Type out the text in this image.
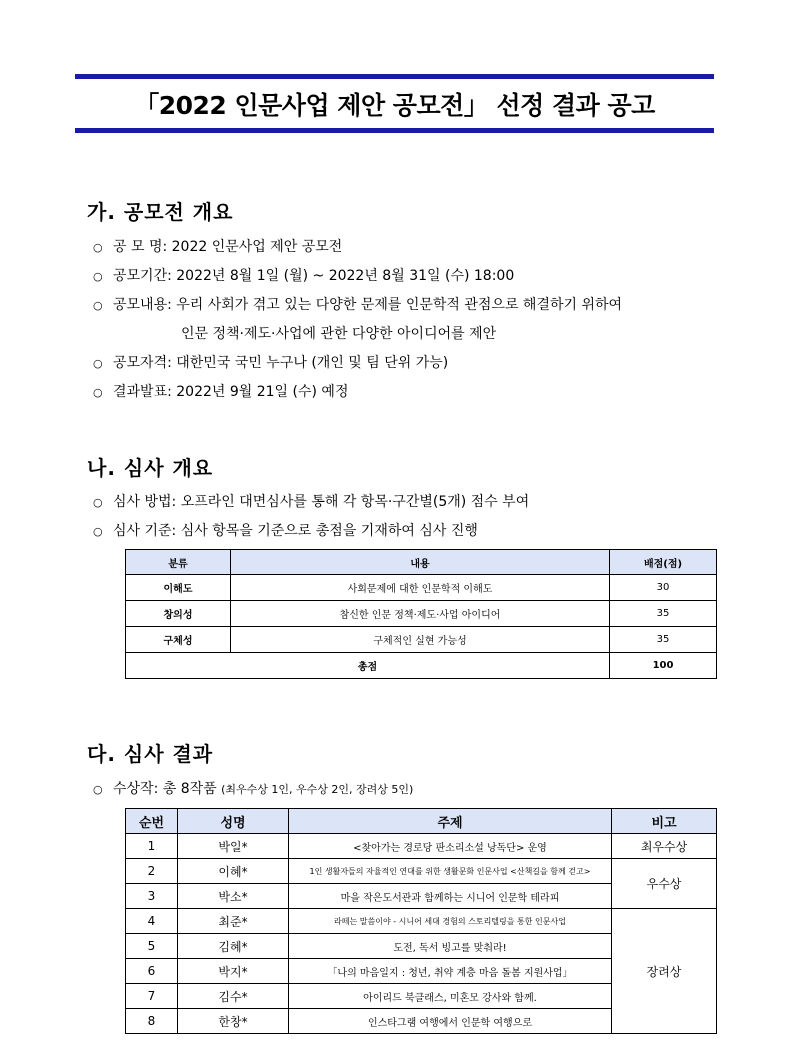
「2022 인문사업 제안 공모전」 선정 결과 공고
가. 공모전 개요
○ 공 모 명: 2022 인문사업 제안 공모전
○ 공모기간: 2022년 8월 1일 (월) ~ 2022년 8월 31일 (수) 18:00
○ 공모내용: 우리 사회가 겪고 있는 다양한 문제를 인문학적 관점으로 해결하기 위하여
인문 정책·제도·사업에 관한 다양한 아이디어를 제안
○ 공모자격: 대한민국 국민 누구나 (개인 및 팀 단위 가능)
○ 결과발표: 2022년 9월 21일 (수) 예정
나. 심사 개요
○ 심사 방법: 오프라인 대면심사를 통해 각 항목·구간별(5개) 점수 부여
○ 심사 기준: 심사 항목을 기준으로 총점을 기재하여 심사 진행
분류	내용	배점(점)
이해도	사회문제에 대한 인문학적 이해도	30
창의성	참신한 인문 정책·제도·사업 아이디어	35
구체성	구체적인 실현 가능성	35
총점		100
다. 심사 결과
○ 수상작: 총 8작품 (최우수상 1인, 우수상 2인, 장려상 5인)
순번	성명	주제	비고
1	박일*	<찾아가는 경로당 판소리소설 낭독단> 운영	최우수상
2	이혜*	1인 생활자들의 자율적인 연대를 위한 생활문화 인문사업 <산책길을 함께 걷고>	우수상
3	박소*	마을 작은도서관과 함께하는 시니어 인문학 테라피	
4	최준*	라떼는 말씀이야 - 시니어 세대 경험의 스토리텔링을 통한 인문사업	장려상
5	김혜*	도전, 독서 빙고를 맞춰라!	
6	박지*	「나의 마음일지 : 청년, 취약 계층 마음 돌봄 지원사업」	
7	김수*	아이리드 북클래스, 미혼모 강사와 함께.	
8	한창*	인스타그램 여행에서 인문학 여행으로	
